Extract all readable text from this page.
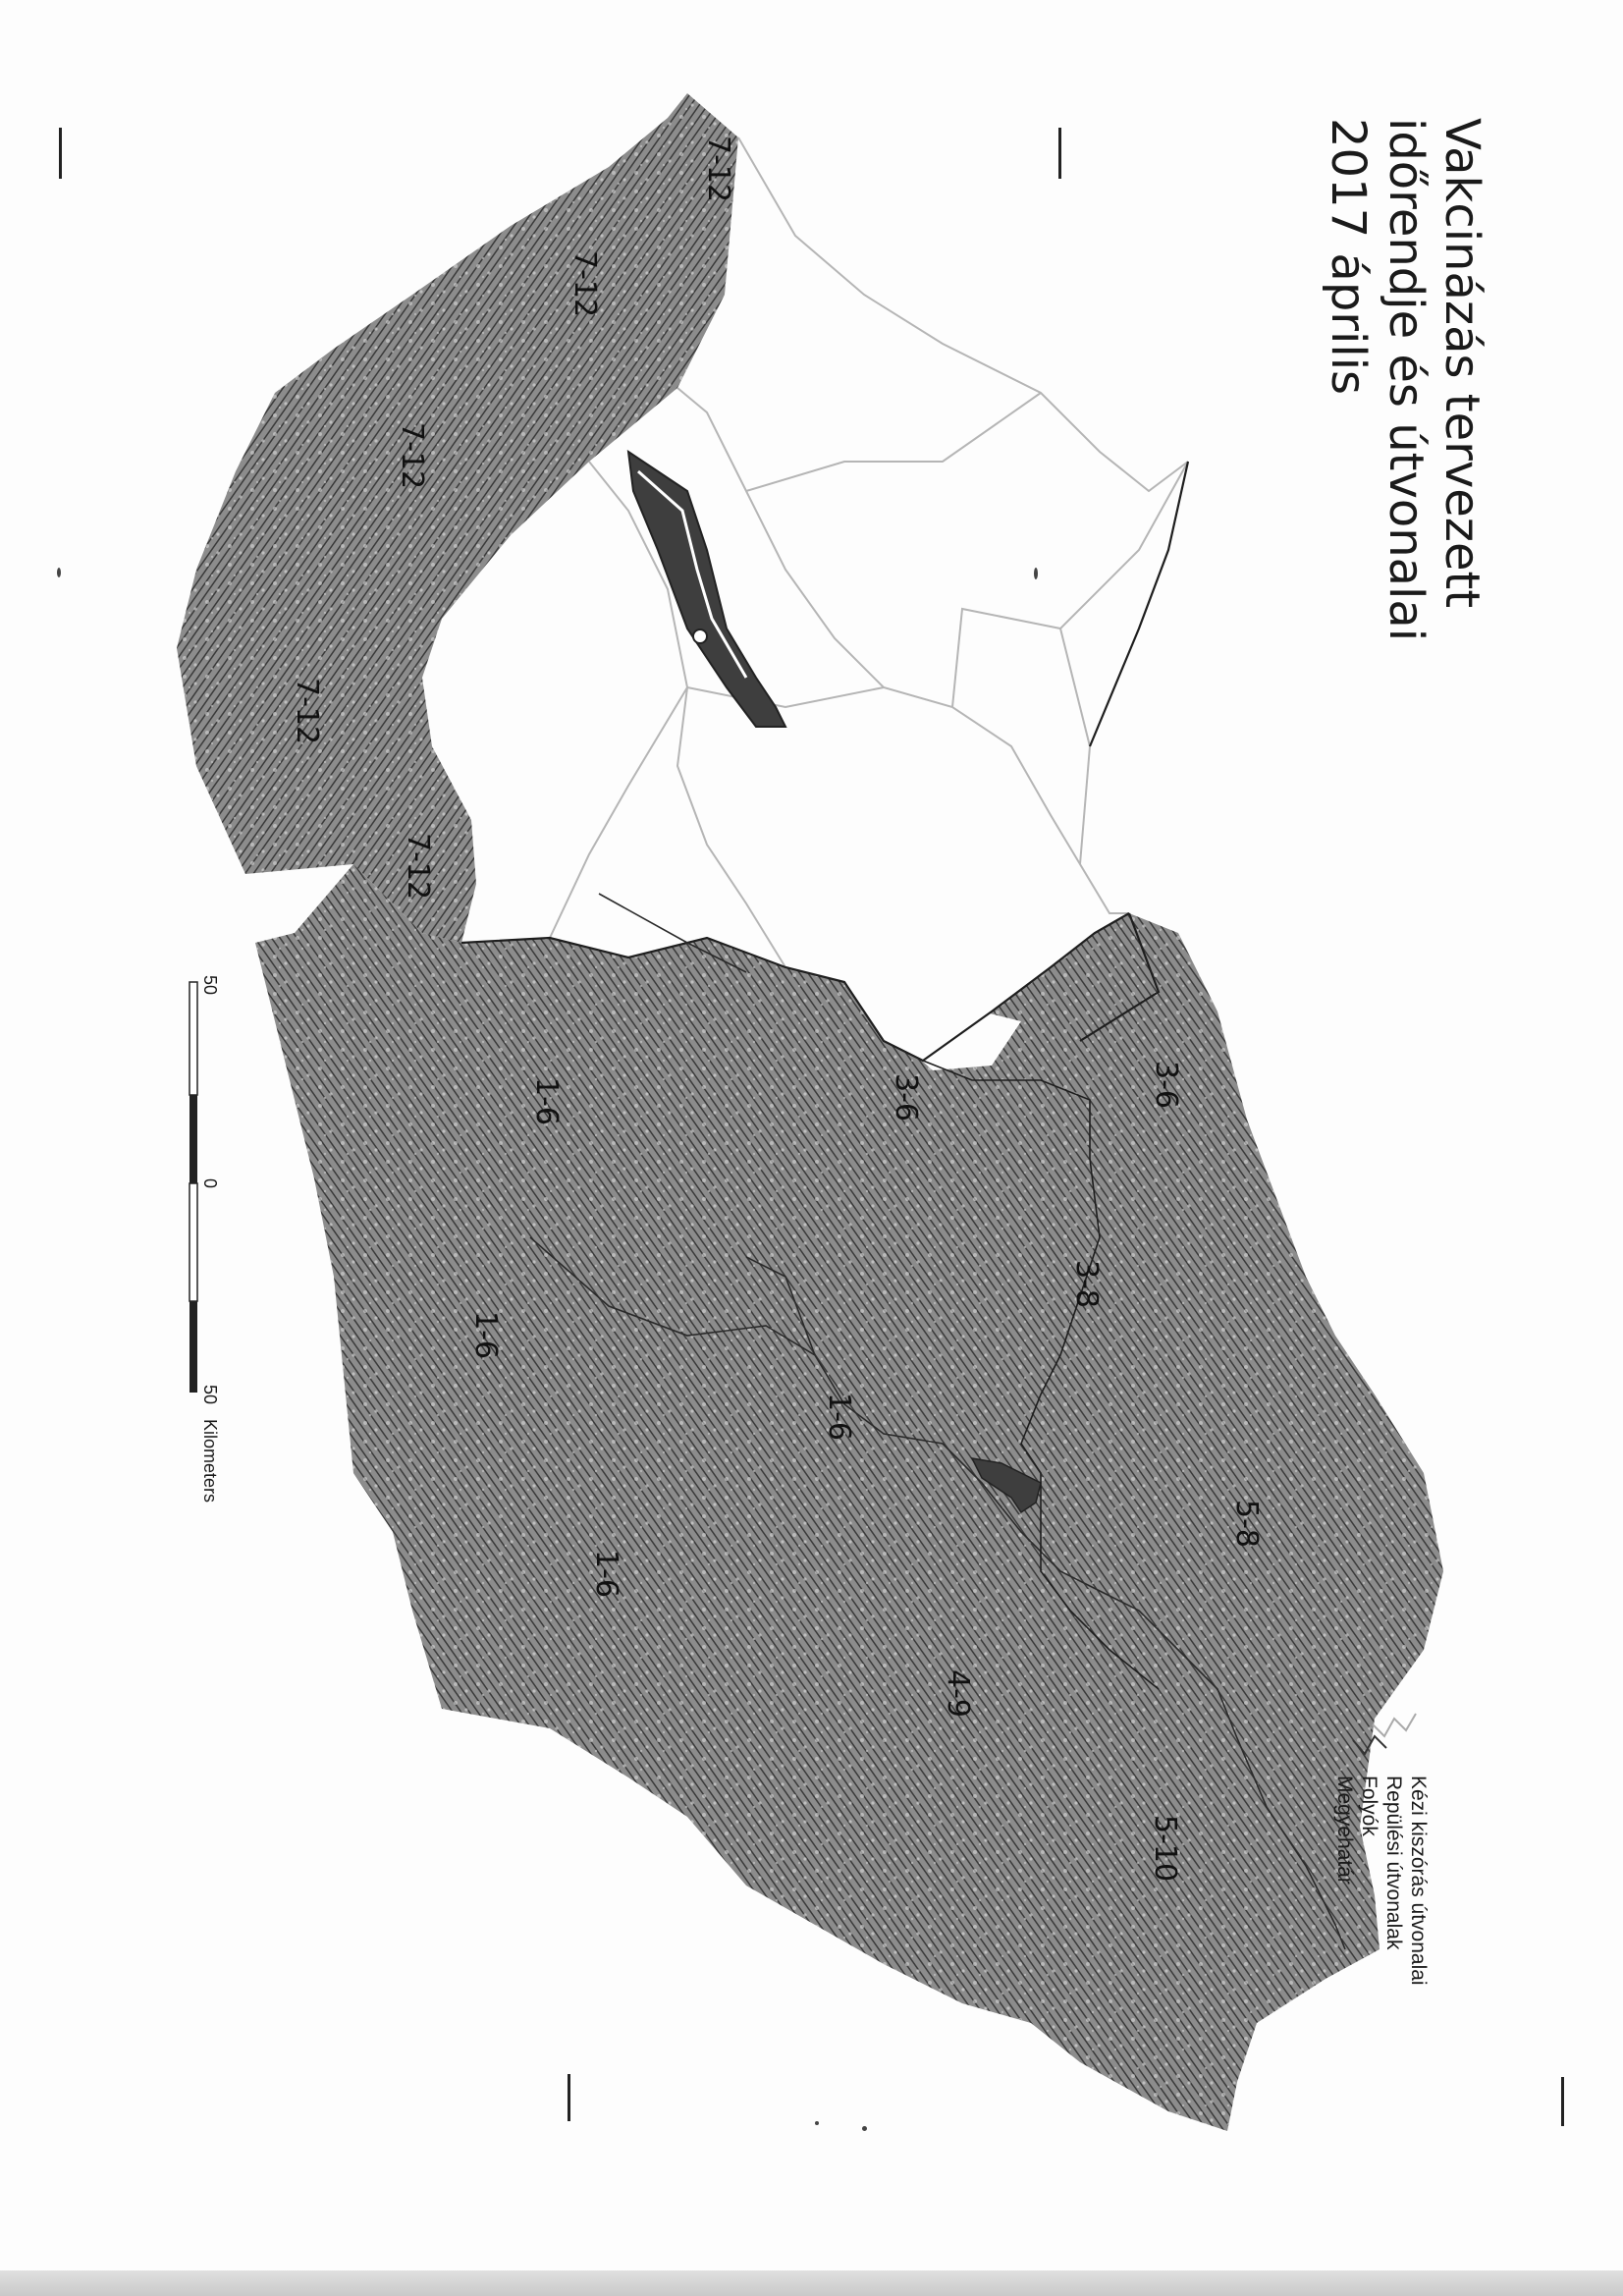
7-12
7-12
7-12
7-12
7-12
1-6	3-6	3-6
3-8
1-6
1-6
5-8
1-6
4-9
5-10
Vakcinázás tervezett
időrendje és útvonalai
2017 április
50
0
50
Kilometers
Kézi kiszórás útvonalai
Repülési útvonalak
Folyók
Megyehatár
